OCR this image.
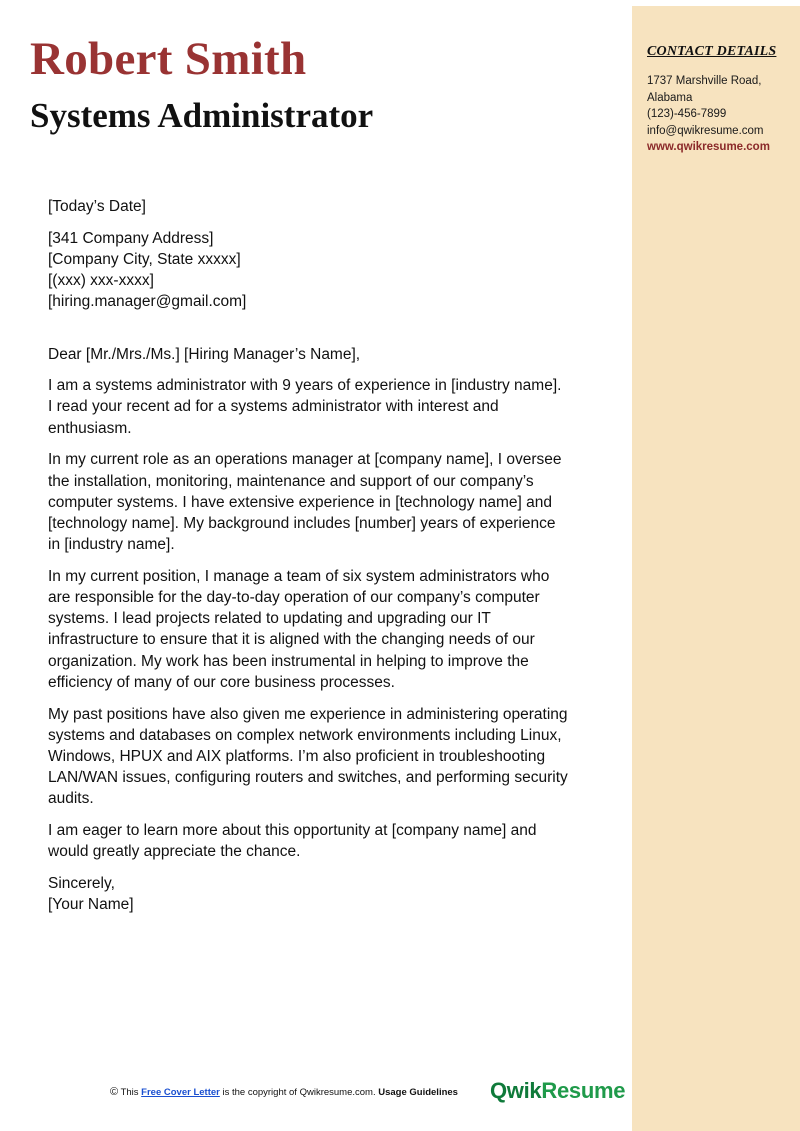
CONTACT DETAILS
1737 Marshville Road,
Alabama
(123)-456-7899
info@qwikresume.com
www.qwikresume.com
Robert Smith
Systems Administrator

[Today’s Date]

[341 Company Address]
[Company City, State xxxxx]
[(xxx) xxx-xxxx]
[hiring.manager@gmail.com]

Dear [Mr./Mrs./Ms.] [Hiring Manager’s Name],

I am a systems administrator with 9 years of experience in [industry name].
I read your recent ad for a systems administrator with interest and
enthusiasm.

In my current role as an operations manager at [company name], I oversee
the installation, monitoring, maintenance and support of our company’s
computer systems. I have extensive experience in [technology name] and
[technology name]. My background includes [number] years of experience
in [industry name].

In my current position, I manage a team of six system administrators who
are responsible for the day-to-day operation of our company’s computer
systems. I lead projects related to updating and upgrading our IT
infrastructure to ensure that it is aligned with the changing needs of our
organization. My work has been instrumental in helping to improve the
efficiency of many of our core business processes.

My past positions have also given me experience in administering operating
systems and databases on complex network environments including Linux,
Windows, HPUX and AIX platforms. I’m also proficient in troubleshooting
LAN/WAN issues, configuring routers and switches, and performing security
audits.

I am eager to learn more about this opportunity at [company name] and
would greatly appreciate the chance.

Sincerely,
[Your Name]

© This Free Cover Letter is the copyright of Qwikresume.com. Usage Guidelines QwikResume
